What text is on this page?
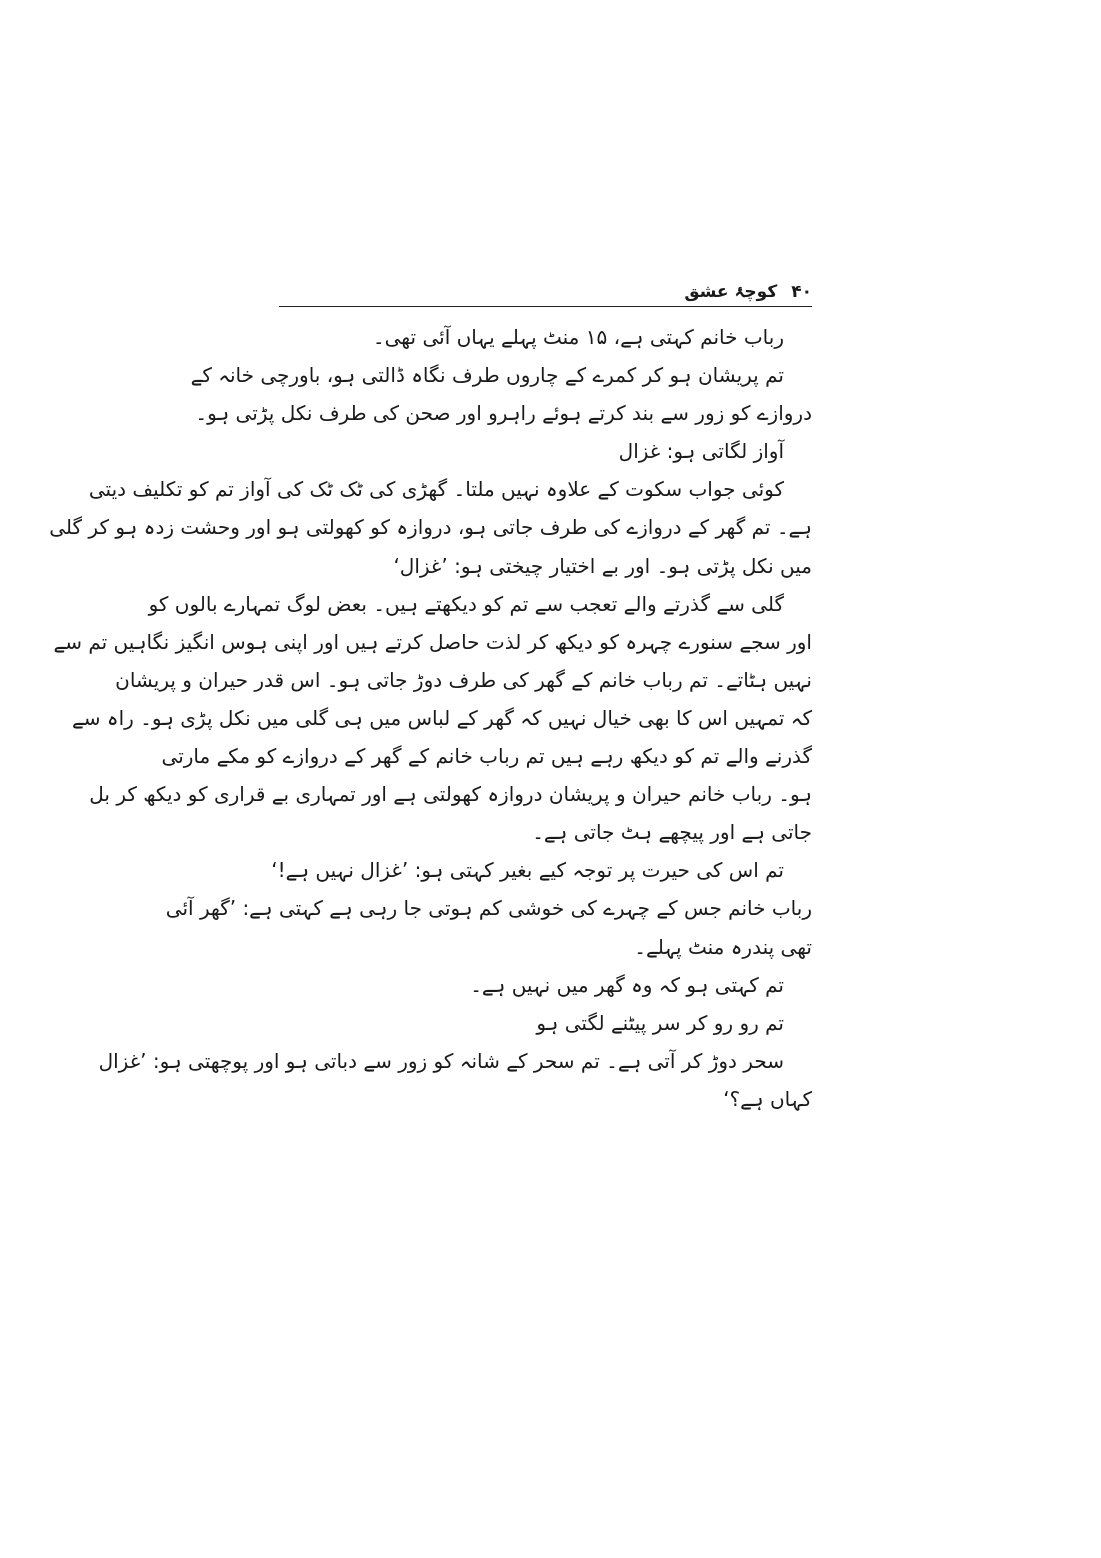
۴۰
کوچۂ عشق
رباب خانم کہتی ہے، ۱۵ منٹ پہلے یہاں آئی تھی۔
تم پریشان ہو کر کمرے کے چاروں طرف نگاہ ڈالتی ہو، باورچی خانہ کے
دروازے کو زور سے بند کرتے ہوئے راہرو اور صحن کی طرف نکل پڑتی ہو۔
آواز لگاتی ہو: غزال
کوئی جواب سکوت کے علاوہ نہیں ملتا۔ گھڑی کی ٹک ٹک کی آواز تم کو تکلیف دیتی
ہے۔ تم گھر کے دروازے کی طرف جاتی ہو، دروازہ کو کھولتی ہو اور وحشت زدہ ہو کر گلی
میں نکل پڑتی ہو۔ اور بے اختیار چیختی ہو: ’غزال‘
گلی سے گذرتے والے تعجب سے تم کو دیکھتے ہیں۔ بعض لوگ تمہارے بالوں کو
اور سجے سنورے چہرہ کو دیکھ کر لذت حاصل کرتے ہیں اور اپنی ہوس انگیز نگاہیں تم سے
نہیں ہٹاتے۔ تم رباب خانم کے گھر کی طرف دوڑ جاتی ہو۔ اس قدر حیران و پریشان
کہ تمہیں اس کا بھی خیال نہیں کہ گھر کے لباس میں ہی گلی میں نکل پڑی ہو۔ راہ سے
گذرنے والے تم کو دیکھ رہے ہیں تم رباب خانم کے گھر کے دروازے کو مکے مارتی
ہو۔ رباب خانم حیران و پریشان دروازہ کھولتی ہے اور تمہاری بے قراری کو دیکھ کر بل
جاتی ہے اور پیچھے ہٹ جاتی ہے۔
تم اس کی حیرت پر توجہ کیے بغیر کہتی ہو: ’غزال نہیں ہے!‘
رباب خانم جس کے چہرے کی خوشی کم ہوتی جا رہی ہے کہتی ہے: ’گھر آئی
تھی پندرہ منٹ پہلے۔
تم کہتی ہو کہ وہ گھر میں نہیں ہے۔
تم رو رو کر سر پیٹنے لگتی ہو
سحر دوڑ کر آتی ہے۔ تم سحر کے شانہ کو زور سے دباتی ہو اور پوچھتی ہو: ’غزال
کہاں ہے؟‘
